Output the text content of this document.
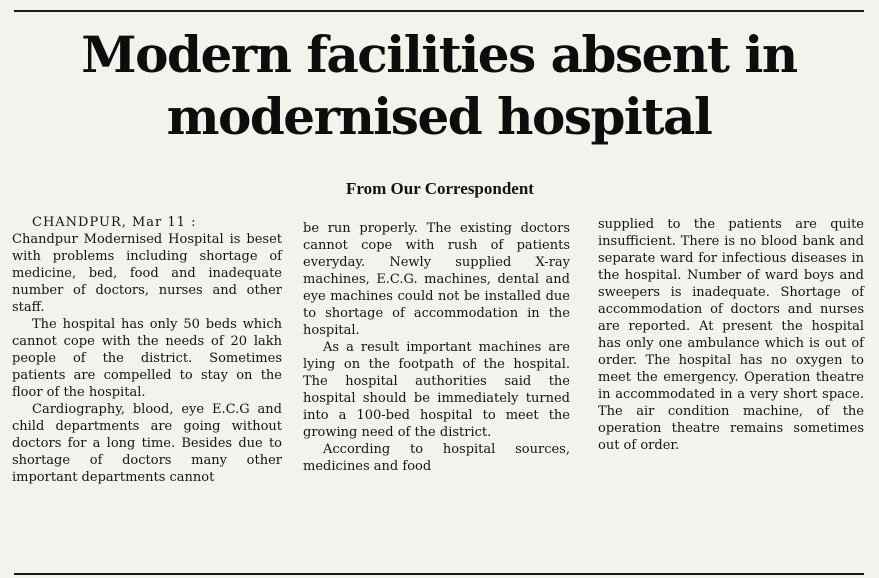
Modern facilities absent in modernised hospital
From Our Correspondent

CHANDPUR, Mar 11 :

Chandpur Modernised Hospital is beset with problems including shortage of medicine, bed, food and inadequate number of doctors, nurses and other staff.

The hospital has only 50 beds which cannot cope with the needs of 20 lakh people of the district. Sometimes patients are compelled to stay on the floor of the hospital.

Cardiography, blood, eye E.C.G and child departments are going without doctors for a long time. Besides due to shortage of doctors many other important departments cannot

be run properly. The existing doctors cannot cope with rush of patients everyday. Newly supplied X-ray machines, E.C.G. machines, dental and eye machines could not be installed due to shortage of accommodation in the hospital.

As a result important machines are lying on the footpath of the hospital. The hospital authorities said the hospital should be immediately turned into a 100-bed hospital to meet the growing need of the district.

According to hospital sources, medicines and food

supplied to the patients are quite insufficient. There is no blood bank and separate ward for infectious diseases in the hospital. Number of ward boys and sweepers is inadequate. Shortage of accommodation of doctors and nurses are reported. At present the hospital has only one ambulance which is out of order. The hospital has no oxygen to meet the emergency. Operation theatre in accommodated in a very short space. The air condition machine, of the operation theatre remains sometimes out of order.
